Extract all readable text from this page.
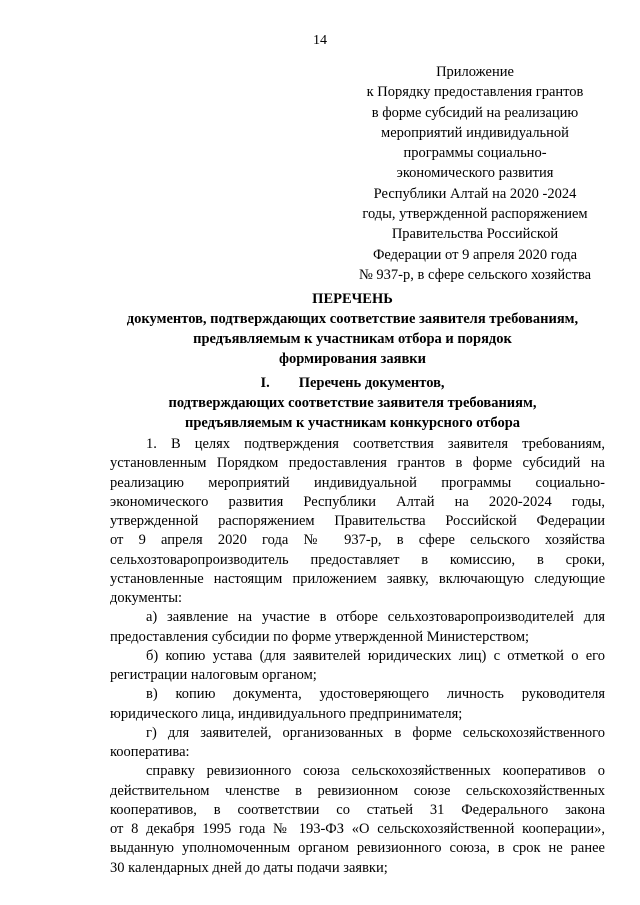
14
Приложение
к Порядку предоставления грантов
в форме субсидий на реализацию
мероприятий индивидуальной
программы социально-
экономического развития
Республики Алтай на 2020 -2024
годы, утвержденной распоряжением
Правительства Российской
Федерации от 9 апреля 2020 года
№ 937-р, в сфере сельского хозяйства
ПЕРЕЧЕНЬ
документов, подтверждающих соответствие заявителя требованиям,
предъявляемым к участникам отбора и порядок
формирования заявки
I.        Перечень документов,
подтверждающих соответствие заявителя требованиям,
предъявляемым к участникам конкурсного отбора
1. В целях подтверждения соответствия заявителя требованиям,
установленным Порядком предоставления грантов в форме субсидий на
реализацию мероприятий индивидуальной программы социально-
экономического развития Республики Алтай на 2020-2024 годы,
утвержденной распоряжением Правительства Российской Федерации
от 9 апреля 2020 года № 937-р, в сфере сельского хозяйства
сельхозтоваропроизводитель предоставляет в комиссию, в сроки,
установленные настоящим приложением заявку, включающую следующие
документы:
а) заявление на участие в отборе сельхозтоваропроизводителей для
предоставления субсидии по форме утвержденной Министерством;
б) копию устава (для заявителей юридических лиц) с отметкой о его
регистрации налоговым органом;
в) копию документа, удостоверяющего личность руководителя
юридического лица, индивидуального предпринимателя;
г) для заявителей, организованных в форме сельскохозяйственного
кооператива:
справку ревизионного союза сельскохозяйственных кооперативов о
действительном членстве в ревизионном союзе сельскохозяйственных
кооперативов, в соответствии со статьей 31 Федерального закона
от 8 декабря 1995 года № 193-ФЗ «О сельскохозяйственной кооперации»,
выданную уполномоченным органом ревизионного союза, в срок не ранее
30 календарных дней до даты подачи заявки;
